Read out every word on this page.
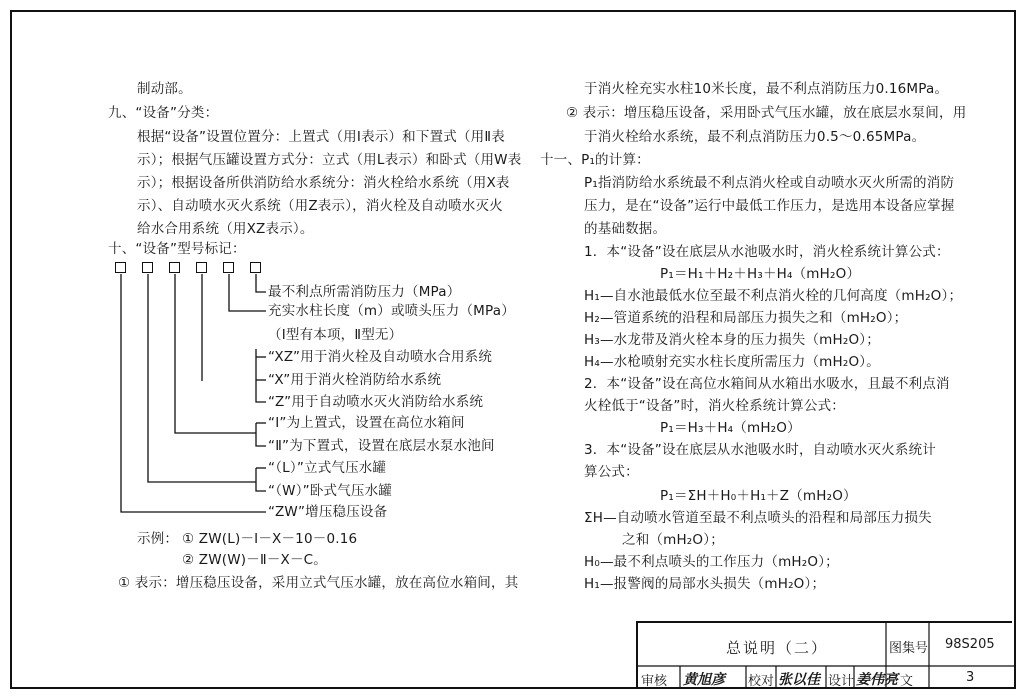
制动部。
九、“设备”分类：
根据“设备”设置位置分：上置式（用Ⅰ表示）和下置式（用Ⅱ表
示）；根据气压罐设置方式分：立式（用L表示）和卧式（用W表
示）；根据设备所供消防给水系统分：消火栓给水系统（用X表
示）、自动喷水灭火系统（用Z表示），消火栓及自动喷水灭火
给水合用系统（用XZ表示）。
十、“设备”型号标记：
最不利点所需消防压力（MPa）
充实水柱长度（m）或喷头压力（MPa）
（Ⅰ型有本项，Ⅱ型无）
“XZ”用于消火栓及自动喷水合用系统
“X”用于消火栓消防给水系统
“Z”用于自动喷水灭火消防给水系统
“Ⅰ”为上置式，设置在高位水箱间
“Ⅱ”为下置式，设置在底层水泵水池间
“（L）”立式气压水罐
“（W）”卧式气压水罐
“ZW”增压稳压设备
示例： ① ZW(L)－Ⅰ－X－10－0.16
② ZW(W)－Ⅱ－X－C。
① 表示：增压稳压设备，采用立式气压水罐，放在高位水箱间，其
于消火栓充实水柱10米长度，最不利点消防压力0.16MPa。
② 表示：增压稳压设备，采用卧式气压水罐，放在底层水泵间，用
于消火栓给水系统，最不利点消防压力0.5～0.65MPa。
十一、P₁的计算：
P₁指消防给水系统最不利点消火栓或自动喷水灭火所需的消防
压力，是在“设备”运行中最低工作压力，是选用本设备应掌握
的基础数据。
1．本“设备”设在底层从水池吸水时，消火栓系统计算公式：
P₁＝H₁＋H₂＋H₃＋H₄（mH₂O）
H₁—自水池最低水位至最不利点消火栓的几何高度（mH₂O）；
H₂—管道系统的沿程和局部压力损失之和（mH₂O）；
H₃—水龙带及消火栓本身的压力损失（mH₂O）；
H₄—水枪喷射充实水柱长度所需压力（mH₂O）。
2．本“设备”设在高位水箱间从水箱出水吸水，且最不利点消
火栓低于“设备”时，消火栓系统计算公式：
P₁＝H₃＋H₄（mH₂O）
3．本“设备”设在底层从水池吸水时，自动喷水灭火系统计
算公式：
P₁＝ΣH＋H₀＋H₁＋Z（mH₂O）
ΣH—自动喷水管道至最不利点喷头的沿程和局部压力损失
之和（mH₂O）；
H₀—最不利点喷头的工作压力（mH₂O）；
H₁—报警阀的局部水头损失（mH₂O）；
总说明（二）	图集号 98S205
审核 黄旭彦 校对 张以佳 设计 姜伟亮 文	3
